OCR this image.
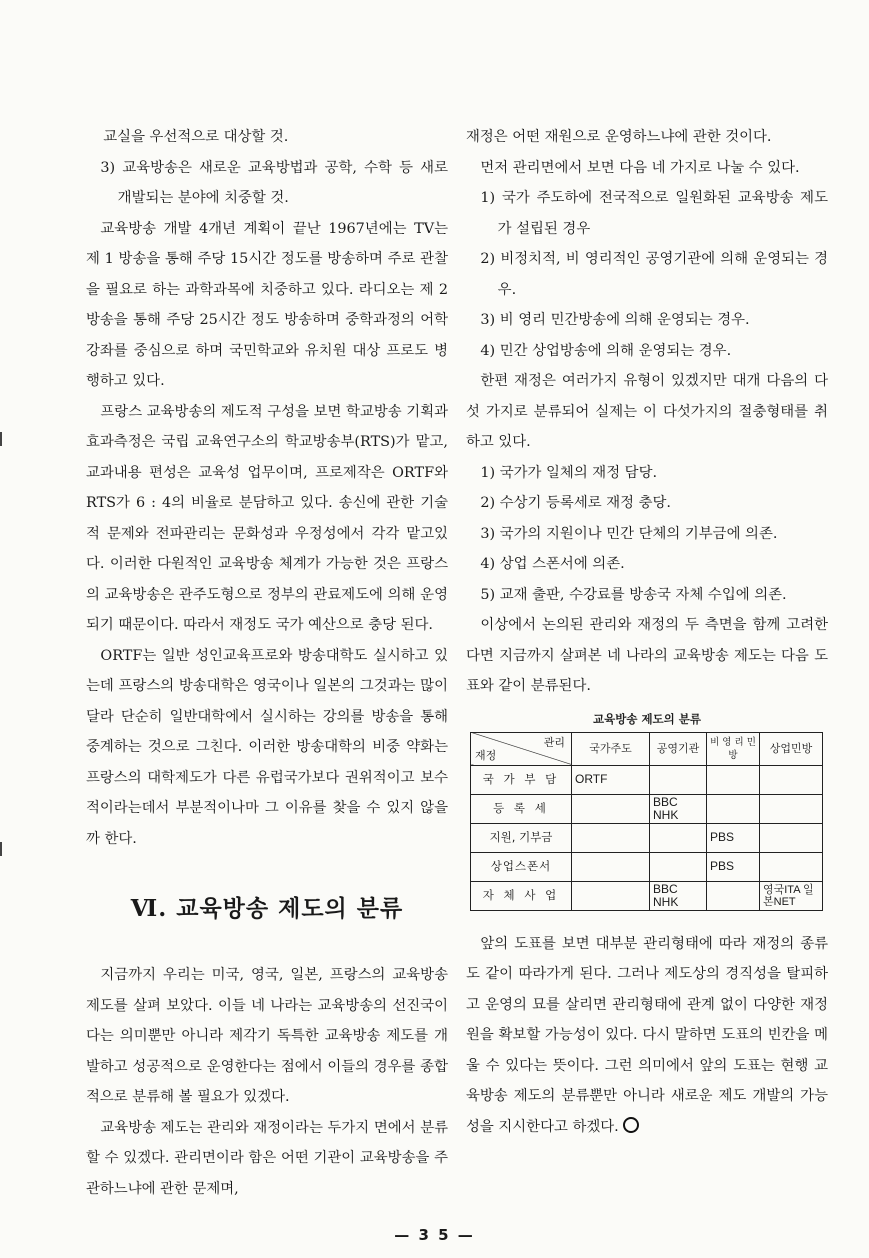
교실을 우선적으로 대상할 것.

3) 교육방송은 새로운 교육방법과 공학, 수학 등 새로 개발되는 분야에 치중할 것.

교육방송 개발 4개년 계획이 끝난 1967년에는 TV는 제 1 방송을 통해 주당 15시간 정도를 방송하며 주로 관찰을 필요로 하는 과학과목에 치중하고 있다. 라디오는 제 2 방송을 통해 주당 25시간 정도 방송하며 중학과정의 어학강좌를 중심으로 하며 국민학교와 유치원 대상 프로도 병행하고 있다.

프랑스 교육방송의 제도적 구성을 보면 학교방송 기획과 효과측정은 국립 교육연구소의 학교방송부(RTS)가 맡고, 교과내용 편성은 교육성 업무이며, 프로제작은 ORTF와 RTS가 6 : 4의 비율로 분담하고 있다. 송신에 관한 기술적 문제와 전파관리는 문화성과 우정성에서 각각 맡고있다. 이러한 다원적인 교육방송 체계가 가능한 것은 프랑스의 교육방송은 관주도형으로 정부의 관료제도에 의해 운영되기 때문이다. 따라서 재정도 국가 예산으로 충당 된다.

ORTF는 일반 성인교육프로와 방송대학도 실시하고 있는데 프랑스의 방송대학은 영국이나 일본의 그것과는 많이 달라 단순히 일반대학에서 실시하는 강의를 방송을 통해 중계하는 것으로 그친다. 이러한 방송대학의 비중 약화는 프랑스의 대학제도가 다른 유럽국가보다 권위적이고 보수적이라는데서 부분적이나마 그 이유를 찾을 수 있지 않을까 한다.

Ⅵ. 교육방송 제도의 분류

지금까지 우리는 미국, 영국, 일본, 프랑스의 교육방송 제도를 살펴 보았다. 이들 네 나라는 교육방송의 선진국이다는 의미뿐만 아니라 제각기 독특한 교육방송 제도를 개발하고 성공적으로 운영한다는 점에서 이들의 경우를 종합적으로 분류해 볼 필요가 있겠다.

교육방송 제도는 관리와 재정이라는 두가지 면에서 분류할 수 있겠다. 관리면이라 함은 어떤 기관이 교육방송을 주관하느냐에 관한 문제며,

재정은 어떤 재원으로 운영하느냐에 관한 것이다.

먼저 관리면에서 보면 다음 네 가지로 나눌 수 있다.

1) 국가 주도하에 전국적으로 일원화된 교육방송 제도가 설립된 경우

2) 비정치적, 비 영리적인 공영기관에 의해 운영되는 경우.

3) 비 영리 민간방송에 의해 운영되는 경우.

4) 민간 상업방송에 의해 운영되는 경우.

한편 재정은 여러가지 유형이 있겠지만 대개 다음의 다섯 가지로 분류되어 실제는 이 다섯가지의 절충형태를 취하고 있다.

1) 국가가 일체의 재정 담당.

2) 수상기 등록세로 재정 충당.

3) 국가의 지원이나 민간 단체의 기부금에 의존.

4) 상업 스폰서에 의존.

5) 교재 출판, 수강료를 방송국 자체 수입에 의존.

이상에서 논의된 관리와 재정의 두 측면을 함께 고려한다면 지금까지 살펴본 네 나라의 교육방송 제도는 다음 도표와 같이 분류된다.

교육방송 제도의 분류
관리
재정	국가주도	공영기관	비 영 리 민 방	상업민방
국 가 부 담	ORTF			
등 록 세		BBC NHK		
지원, 기부금			PBS	
상업스폰서			PBS	
자 체 사 업		BBC NHK		영국ITA 일본NET

앞의 도표를 보면 대부분 관리형태에 따라 재정의 종류도 같이 따라가게 된다. 그러나 제도상의 경직성을 탈피하고 운영의 묘를 살리면 관리형태에 관계 없이 다양한 재정원을 확보할 가능성이 있다. 다시 말하면 도표의 빈칸을 메울 수 있다는 뜻이다. 그런 의미에서 앞의 도표는 현행 교육방송 제도의 분류뿐만 아니라 새로운 제도 개발의 가능성을 지시한다고 하겠다.

— 3 5 —
